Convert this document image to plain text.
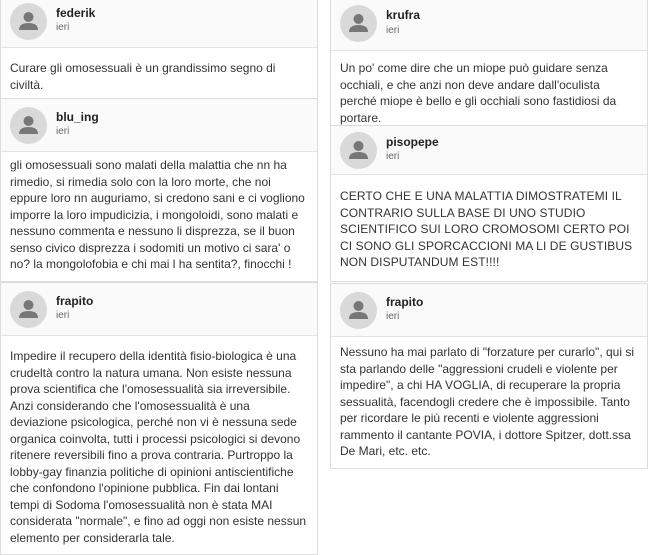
federik
ieri
Curare gli omosessuali è un grandissimo segno di civiltà.
blu_ing
ieri
gli omosessuali sono malati della malattia che nn ha rimedio, si rimedia solo con la loro morte, che noi eppure loro nn auguriamo, si credono sani e ci vogliono imporre la loro impudicizia, i mongoloidi, sono malati e nessuno commenta e nessuno li disprezza, se il buon senso civico disprezza i sodomiti un motivo ci sara' o no? la mongolofobia e chi mai l ha sentita?, finocchi !
frapito
ieri
Impedire il recupero della identità fisio-biologica è una crudeltà contro la natura umana. Non esiste nessuna prova scientifica che l'omosessualità sia irreversibile. Anzi considerando che l'omosessualità è una deviazione psicologica, perché non vi è nessuna sede organica coinvolta, tutti i processi psicologici si devono ritenere reversibili fino a prova contraria. Purtroppo la lobby-gay finanzia politiche di opinioni antiscientifiche che confondono l'opinione pubblica. Fin dai lontani tempi di Sodoma l'omosessualità non è stata MAI considerata "normale", e fino ad oggi non esiste nessun elemento per considerarla tale.
krufra
ieri
Un po' come dire che un miope può guidare senza occhiali, e che anzi non deve andare dall'oculista perché miope è bello e gli occhiali sono fastidiosi da portare.
pisopepe
ieri
CERTO CHE E UNA MALATTIA DIMOSTRATEMI IL CONTRARIO SULLA BASE DI UNO STUDIO SCIENTIFICO SUI LORO CROMOSOMI CERTO POI CI SONO GLI SPORCACCIONI MA LI DE GUSTIBUS NON DISPUTANDUM EST!!!!
frapito
ieri
Nessuno ha mai parlato di "forzature per curarlo", qui si sta parlando delle "aggressioni crudeli e violente per impedire", a chi HA VOGLIA, di recuperare la propria sessualità, facendogli credere che è impossibile. Tanto per ricordare le più recenti e violente aggressioni rammento il cantante POVIA, i dottore Spitzer, dott.ssa De Mari, etc. etc.
